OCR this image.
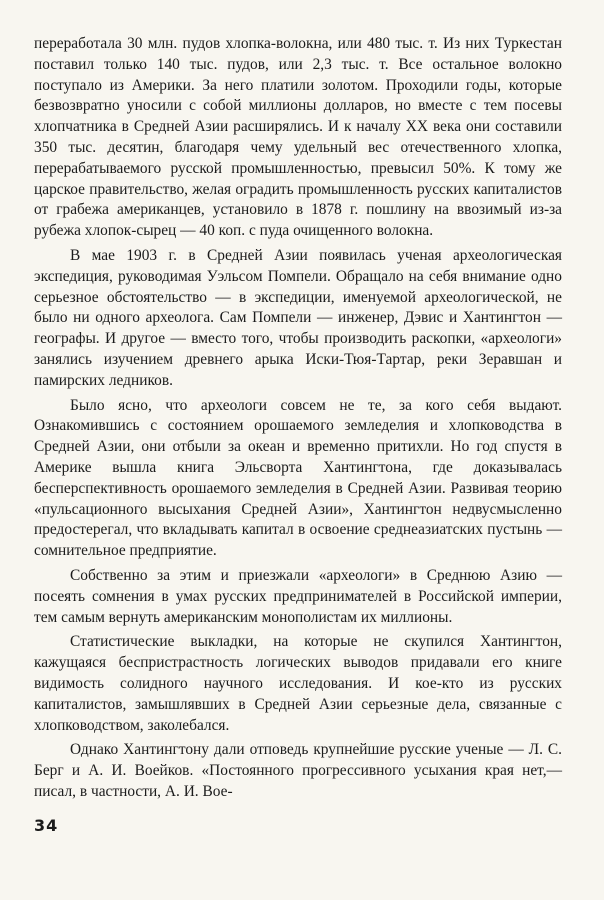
переработала 30 млн. пудов хлопка-волокна, или 480 тыс. т. Из них Туркестан поставил только 140 тыс. пудов, или 2,3 тыс. т. Все остальное волокно поступало из Америки. За него платили золотом. Проходили годы, которые безвозвратно уносили с собой миллионы долларов, но вместе с тем посевы хлопчатника в Средней Азии расширялись. И к началу XX века они составили 350 тыс. десятин, благодаря чему удельный вес отечественного хлопка, перерабатываемого русской промышленностью, превысил 50%. К тому же царское правительство, желая оградить промышленность русских капиталистов от грабежа американцев, установило в 1878 г. пошлину на ввозимый из-за рубежа хлопок-сырец — 40 коп. с пуда очищенного волокна.

В мае 1903 г. в Средней Азии появилась ученая археологическая экспедиция, руководимая Уэльсом Помпели. Обращало на себя внимание одно серьезное обстоятельство — в экспедиции, именуемой археологической, не было ни одного археолога. Сам Помпели — инженер, Дэвис и Хантингтон — географы. И другое — вместо того, чтобы производить раскопки, «археологи» занялись изучением древнего арыка Иски-Тюя-Тартар, реки Зеравшан и памирских ледников.

Было ясно, что археологи совсем не те, за кого себя выдают. Ознакомившись с состоянием орошаемого земледелия и хлопководства в Средней Азии, они отбыли за океан и временно притихли. Но год спустя в Америке вышла книга Эльсворта Хантингтона, где доказывалась бесперспективность орошаемого земледелия в Средней Азии. Развивая теорию «пульсационного высыхания Средней Азии», Хантингтон недвусмысленно предостерегал, что вкладывать капитал в освоение среднеазиатских пустынь — сомнительное предприятие.

Собственно за этим и приезжали «археологи» в Среднюю Азию — посеять сомнения в умах русских предпринимателей в Российской империи, тем самым вернуть американским монополистам их миллионы.

Статистические выкладки, на которые не скупился Хантингтон, кажущаяся беспристрастность логических выводов придавали его книге видимость солидного научного исследования. И кое-кто из русских капиталистов, замышлявших в Средней Азии серьезные дела, связанные с хлопководством, заколебался.

Однако Хантингтону дали отповедь крупнейшие русские ученые — Л. С. Берг и А. И. Воейков. «Постоянного прогрессивного усыхания края нет,— писал, в частности, А. И. Вое-

34
